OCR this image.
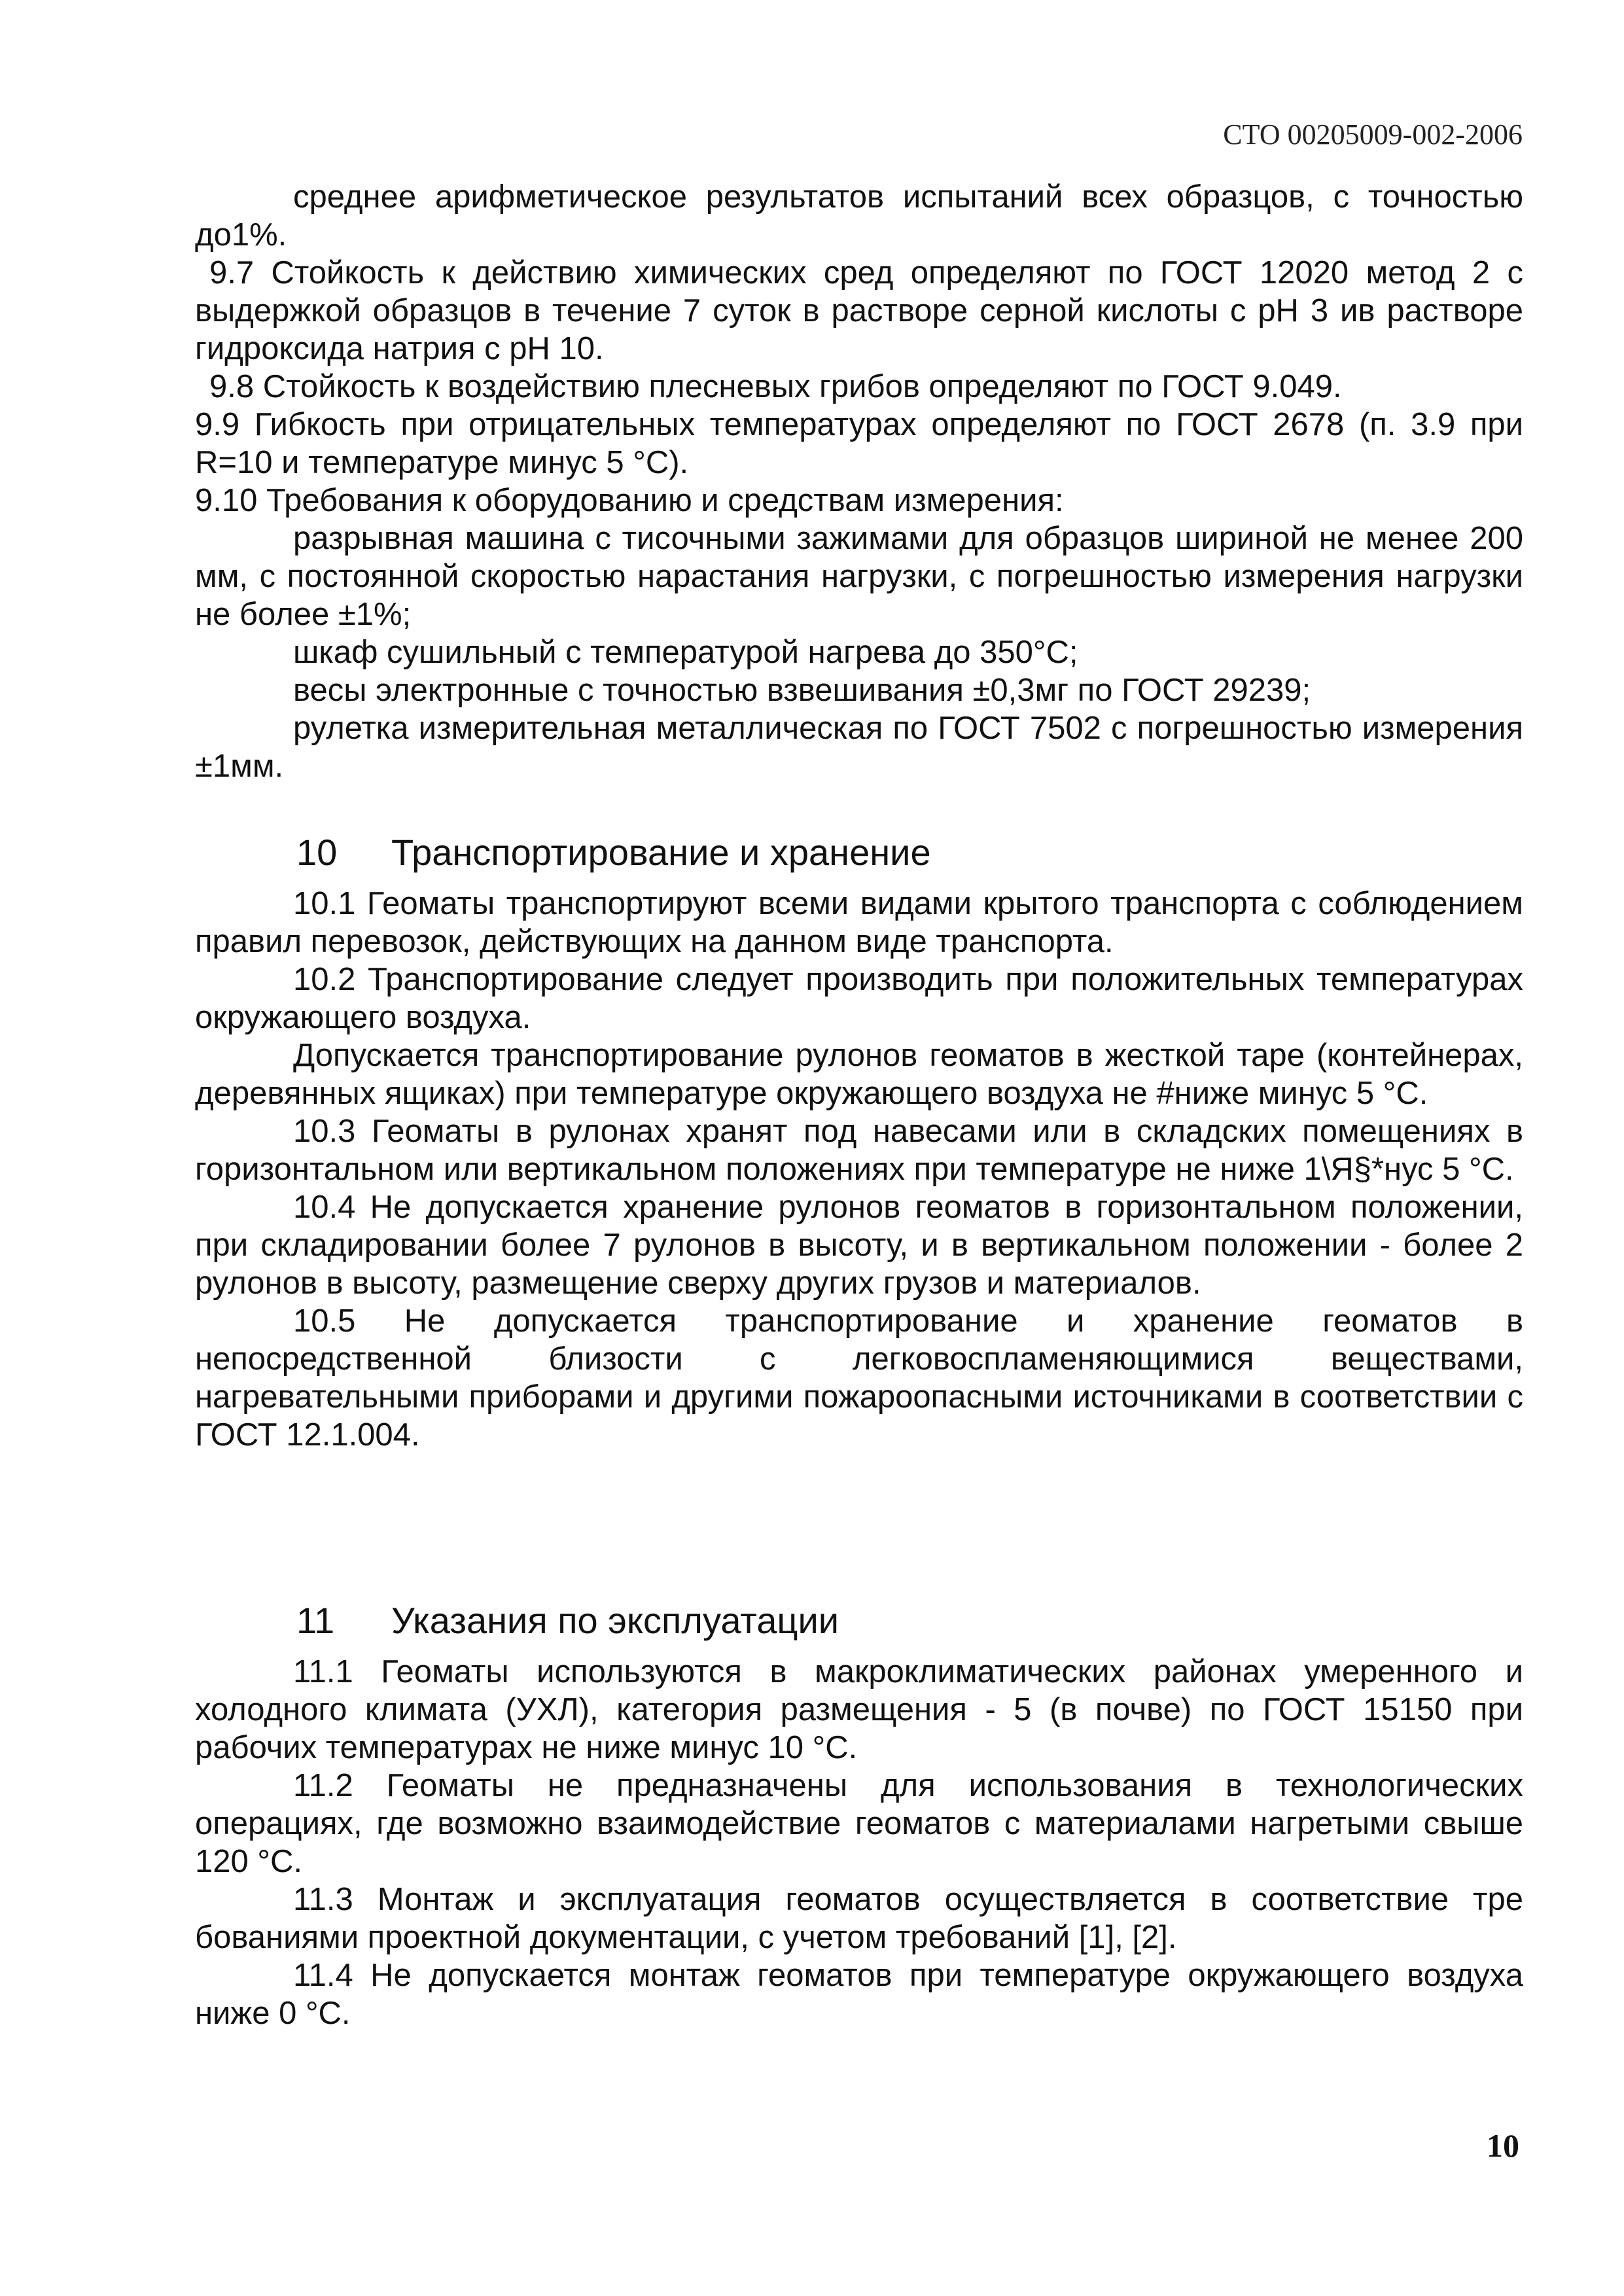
СТО 00205009-002-2006

среднее арифметическое результатов испытаний всех образцов, с точностью до1%.

9.7 Стойкость к действию химических сред определяют по ГОСТ 12020 метод 2 с выдержкой образцов в течение 7 суток в растворе серной кислоты с рН 3 ив растворе гидроксида натрия с рН 10.

9.8 Стойкость к воздействию плесневых грибов определяют по ГОСТ 9.049.

9.9 Гибкость при отрицательных температурах определяют по ГОСТ 2678 (п. 3.9 при R=10 и температуре минус 5 °С).

9.10 Требования к оборудованию и средствам измерения:

разрывная машина с тисочными зажимами для образцов шириной не менее 200 мм, с постоянной скоростью нарастания нагрузки, с погрешностью измерения нагрузки не более ±1%;

шкаф сушильный с температурой нагрева до 350°С;

весы электронные с точностью взвешивания ±0,3мг по ГОСТ 29239;

рулетка измерительная металлическая по ГОСТ 7502 с погрешностью измерения ±1мм.

10 Транспортирование и хранение

10.1 Геоматы транспортируют всеми видами крытого транспорта с соблюдением правил перевозок, действующих на данном виде транспорта.

10.2 Транспортирование следует производить при положительных температурах окружающего воздуха.

Допускается транспортирование рулонов геоматов в жесткой таре (контейнерах, деревянных ящиках) при температуре окружающего воздуха не #ниже минус 5 °С.

10.3 Геоматы в рулонах хранят под навесами или в складских помещениях в горизонтальном или вертикальном положениях при температуре не ниже 1\Я§*нус 5 °С.

10.4 Не допускается хранение рулонов геоматов в горизонтальном положении, при складировании более 7 рулонов в высоту, и в вертикальном положении - более 2 рулонов в высоту, размещение сверху других грузов и материалов.

10.5 Не допускается транспортирование и хранение геоматов в непосредственной близости с легковоспламеняющимися веществами, нагревательными приборами и другими пожароопасными источниками в соответствии с ГОСТ 12.1.004.

11 Указания по эксплуатации

11.1 Геоматы используются в макроклиматических районах умеренного и холодного климата (УХЛ), категория размещения - 5 (в почве) по ГОСТ 15150 при рабочих температурах не ниже минус 10 °С.

11.2 Геоматы не предназначены для использования в технологических операциях, где возможно взаимодействие геоматов с материалами нагретыми свыше 120 °С.

11.3 Монтаж и эксплуатация геоматов осуществляется в соответствие тре бованиями проектной документации, с учетом требований [1], [2].

11.4 Не допускается монтаж геоматов при температуре окружающего воздуха ниже 0 °С.

10
